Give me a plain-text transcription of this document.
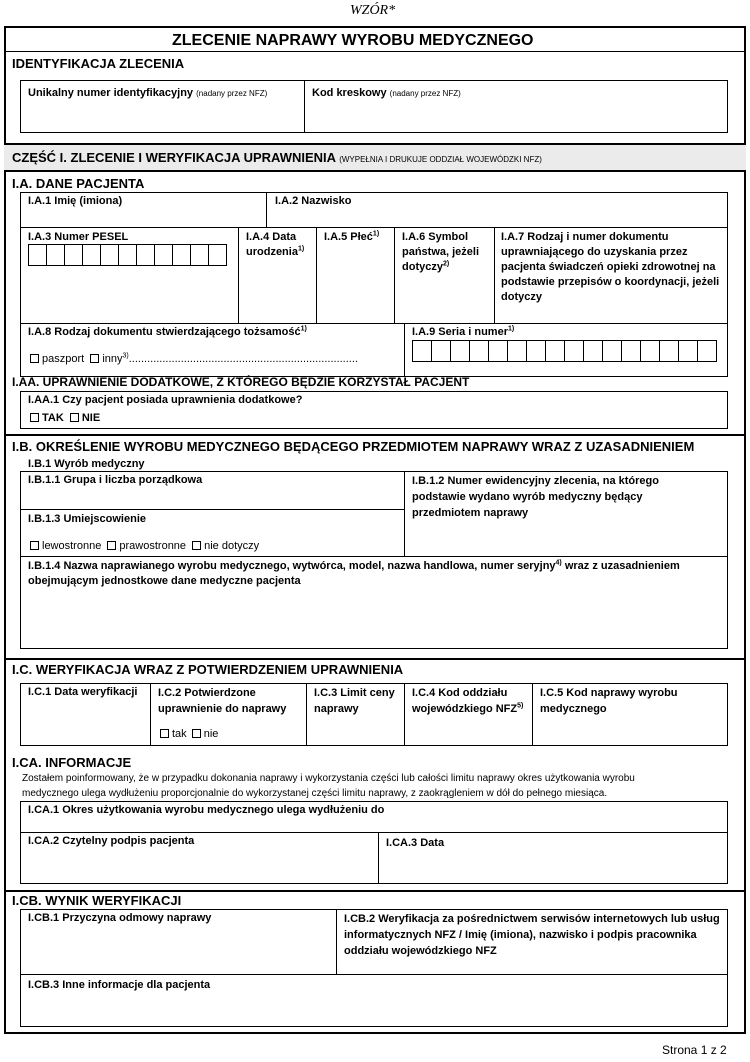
WZÓR*
ZLECENIE NAPRAWY WYROBU MEDYCZNEGO
IDENTYFIKACJA ZLECENIA
Unikalny numer identyfikacyjny (nadany przez NFZ)	Kod kreskowy (nadany przez NFZ)
CZĘŚĆ I. ZLECENIE I WERYFIKACJA UPRAWNIENIA (WYPEŁNIA I DRUKUJE ODDZIAŁ WOJEWÓDZKI NFZ)
I.A. DANE PACJENTA
I.A.1 Imię (imiona)	I.A.2 Nazwisko
I.A.3 Numer PESEL	I.A.4 Data
urodzenia$^{1)}$
I.A.5 Płeć$^{1)}$ I.A.6 Symbol
państwa, jeżeli
dotyczy$^{2)}$
I.A.7 Rodzaj i numer dokumentu uprawniającego do uzyskania przez pacjenta świadczeń opieki zdrowotnej na podstawie przepisów o koordynacji, jeżeli dotyczy
I.A.8 Rodzaj dokumentu stwierdzającego tożsamość$^{1)}$
paszport inny$^{3)}$...........................................................................
I.A.9 Seria i numer$^{1)}$
I.AA. UPRAWNIENIE DODATKOWE, Z KTÓREGO BĘDZIE KORZYSTAŁ PACJENT
I.AA.1 Czy pacjent posiada uprawnienia dodatkowe?
TAK NIE
I.B. OKREŚLENIE WYROBU MEDYCZNEGO BĘDĄCEGO PRZEDMIOTEM NAPRAWY WRAZ Z UZASADNIENIEM
I.B.1 Wyrób medyczny
I.B.1.1 Grupa i liczba porządkowa	I.B.1.2 Numer ewidencyjny zlecenia, na którego podstawie wydano wyrób medyczny będący przedmiotem naprawy
I.B.1.3 Umiejscowienie
lewostronne prawostronne nie dotyczy
I.B.1.4 Nazwa naprawianego wyrobu medycznego, wytwórca, model, nazwa handlowa, numer seryjny$^{4)}$ wraz z uzasadnieniem
obejmującym jednostkowe dane medyczne pacjenta
I.C. WERYFIKACJA WRAZ Z POTWIERDZENIEM UPRAWNIENIA
I.C.1 Data weryfikacji I.C.2 Potwierdzone
uprawnienie do naprawy
tak nie
I.C.3 Limit ceny
naprawy
I.C.4 Kod oddziału
wojewódzkiego NFZ$^{5)}$
I.C.5 Kod naprawy wyrobu
medycznego
I.CA. INFORMACJE
Zostałem poinformowany, że w przypadku dokonania naprawy i wykorzystania części lub całości limitu naprawy okres użytkowania wyrobu
medycznego ulega wydłużeniu proporcjonalnie do wykorzystanej części limitu naprawy, z zaokrągleniem w dół do pełnego miesiąca.
I.CA.1 Okres użytkowania wyrobu medycznego ulega wydłużeniu do
I.CA.2 Czytelny podpis pacjenta	I.CA.3 Data
I.CB. WYNIK WERYFIKACJI
I.CB.1 Przyczyna odmowy naprawy	I.CB.2 Weryfikacja za pośrednictwem serwisów internetowych lub usług
informatycznych NFZ / Imię (imiona), nazwisko i podpis pracownika
oddziału wojewódzkiego NFZ
I.CB.3 Inne informacje dla pacjenta
Strona 1 z 2
